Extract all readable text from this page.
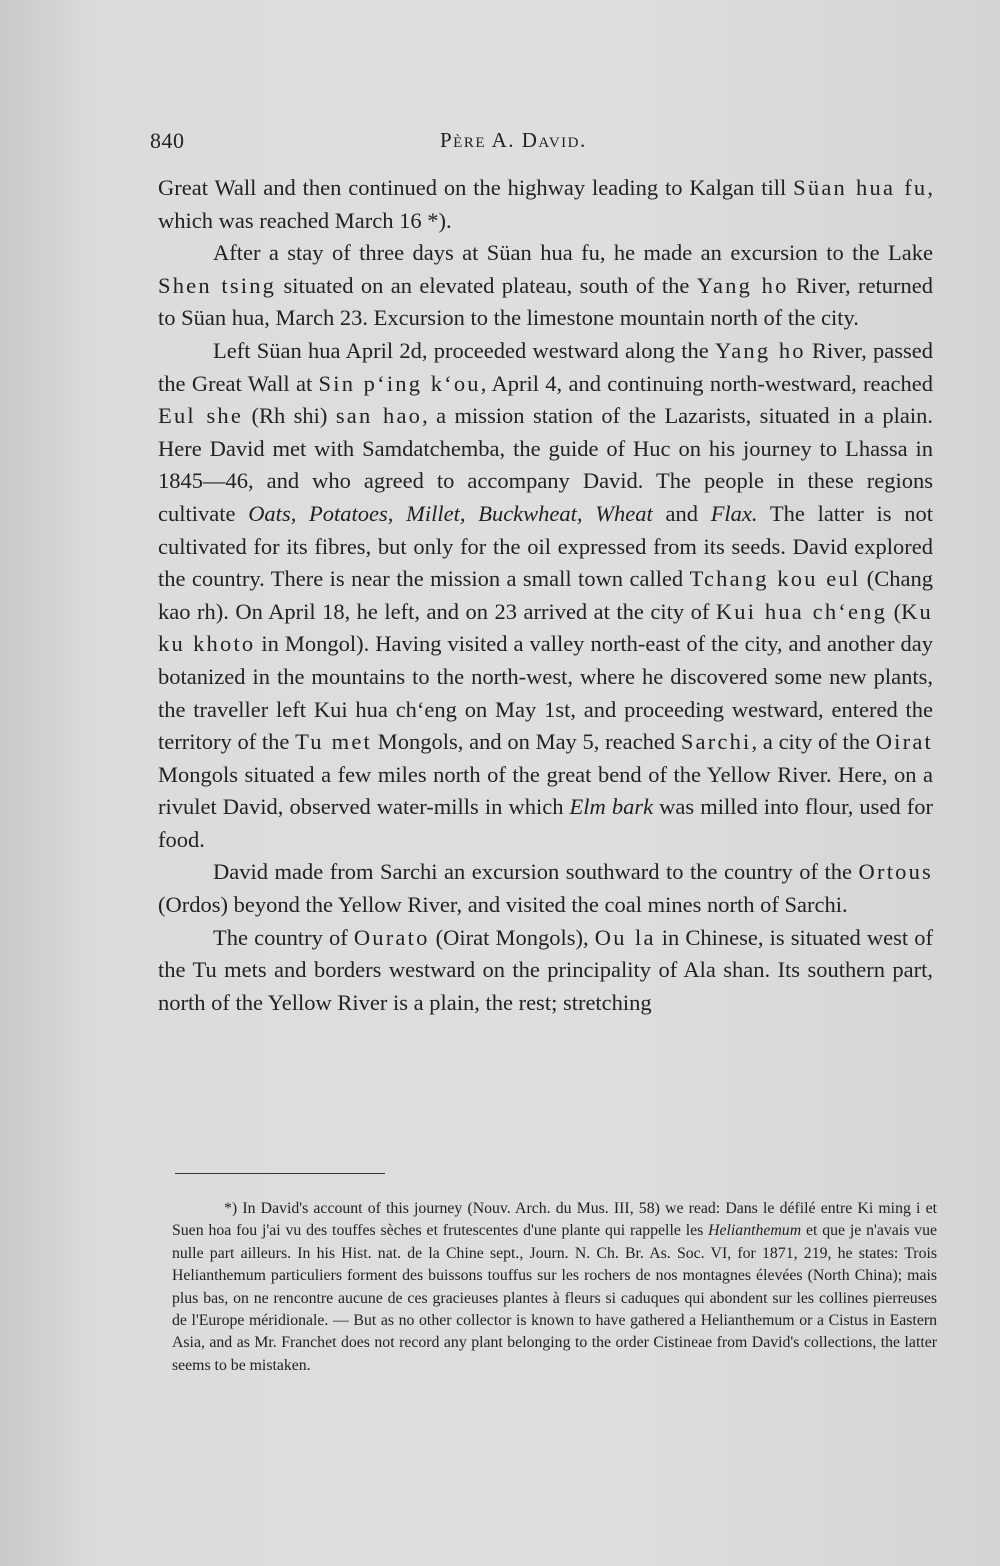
840	Père A. David.

Great Wall and then continued on the highway leading to Kalgan till Süan hua fu, which was reached March 16 *).

After a stay of three days at Süan hua fu, he made an excursion to the Lake Shen tsing situated on an elevated plateau, south of the Yang ho River, returned to Süan hua, March 23. Excursion to the limestone mountain north of the city.

Left Süan hua April 2d, proceeded westward along the Yang ho River, passed the Great Wall at Sin p‘ing k‘ou, April 4, and continuing north-westward, reached Eul she (Rh shi) san hao, a mission station of the Lazarists, situated in a plain. Here David met with Samdatchemba, the guide of Huc on his journey to Lhassa in 1845—46, and who agreed to accompany David. The people in these regions cultivate Oats, Potatoes, Millet, Buckwheat, Wheat and Flax. The latter is not cultivated for its fibres, but only for the oil expressed from its seeds. David explored the country. There is near the mission a small town called Tchang kou eul (Chang kao rh). On April 18, he left, and on 23 arrived at the city of Kui hua ch‘eng (Ku ku khoto in Mongol). Having visited a valley north-east of the city, and another day botanized in the mountains to the north-west, where he discovered some new plants, the traveller left Kui hua ch‘eng on May 1st, and proceeding westward, entered the territory of the Tu met Mongols, and on May 5, reached Sarchi, a city of the Oirat Mongols situated a few miles north of the great bend of the Yellow River. Here, on a rivulet David, observed water-mills in which Elm bark was milled into flour, used for food.

David made from Sarchi an excursion southward to the country of the Ortous (Ordos) beyond the Yellow River, and visited the coal mines north of Sarchi.

The country of Ourato (Oirat Mongols), Ou la in Chinese, is situated west of the Tu mets and borders westward on the principality of Ala shan. Its southern part, north of the Yellow River is a plain, the rest; stretching

*) In David's account of this journey (Nouv. Arch. du Mus. III, 58) we read: Dans le défilé entre Ki ming i et Suen hoa fou j'ai vu des touffes sèches et frutescentes d'une plante qui rappelle les Helianthemum et que je n'avais vue nulle part ailleurs. In his Hist. nat. de la Chine sept., Journ. N. Ch. Br. As. Soc. VI, for 1871, 219, he states: Trois Helianthemum particuliers forment des buissons touffus sur les rochers de nos montagnes élevées (North China); mais plus bas, on ne rencontre aucune de ces gracieuses plantes à fleurs si caduques qui abondent sur les collines pierreuses de l'Europe méridionale. — But as no other collector is known to have gathered a Helianthemum or a Cistus in Eastern Asia, and as Mr. Franchet does not record any plant belonging to the order Cistineae from David's collections, the latter seems to be mistaken.
